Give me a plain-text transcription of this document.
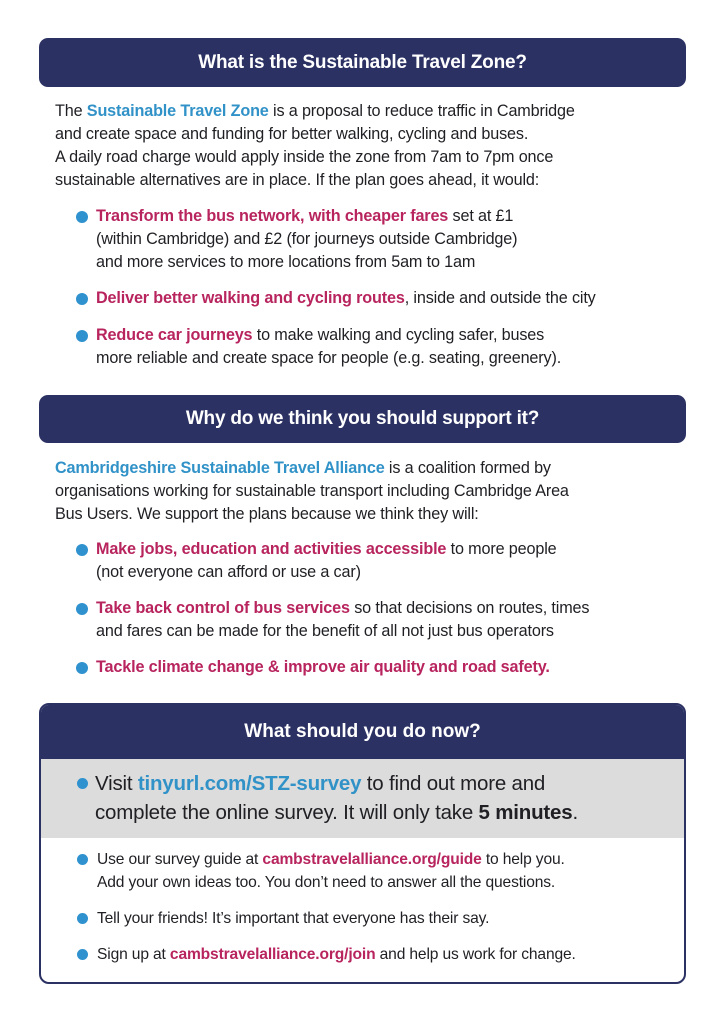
What is the Sustainable Travel Zone?
The Sustainable Travel Zone is a proposal to reduce traffic in Cambridge
and create space and funding for better walking, cycling and buses.
A daily road charge would apply inside the zone from 7am to 7pm once
sustainable alternatives are in place. If the plan goes ahead, it would:
Transform the bus network, with cheaper fares set at £1
(within Cambridge) and £2 (for journeys outside Cambridge)
and more services to more locations from 5am to 1am
Deliver better walking and cycling routes, inside and outside the city
Reduce car journeys to make walking and cycling safer, buses
more reliable and create space for people (e.g. seating, greenery).
Why do we think you should support it?
Cambridgeshire Sustainable Travel Alliance is a coalition formed by
organisations working for sustainable transport including Cambridge Area
Bus Users. We support the plans because we think they will:
Make jobs, education and activities accessible to more people
(not everyone can afford or use a car)
Take back control of bus services so that decisions on routes, times
and fares can be made for the benefit of all not just bus operators
Tackle climate change & improve air quality and road safety.
What should you do now?
Visit tinyurl.com/STZ-survey to find out more and
complete the online survey. It will only take 5 minutes.
Use our survey guide at cambstravelalliance.org/guide to help you.
Add your own ideas too. You don’t need to answer all the questions.
Tell your friends! It’s important that everyone has their say.
Sign up at cambstravelalliance.org/join and help us work for change.
